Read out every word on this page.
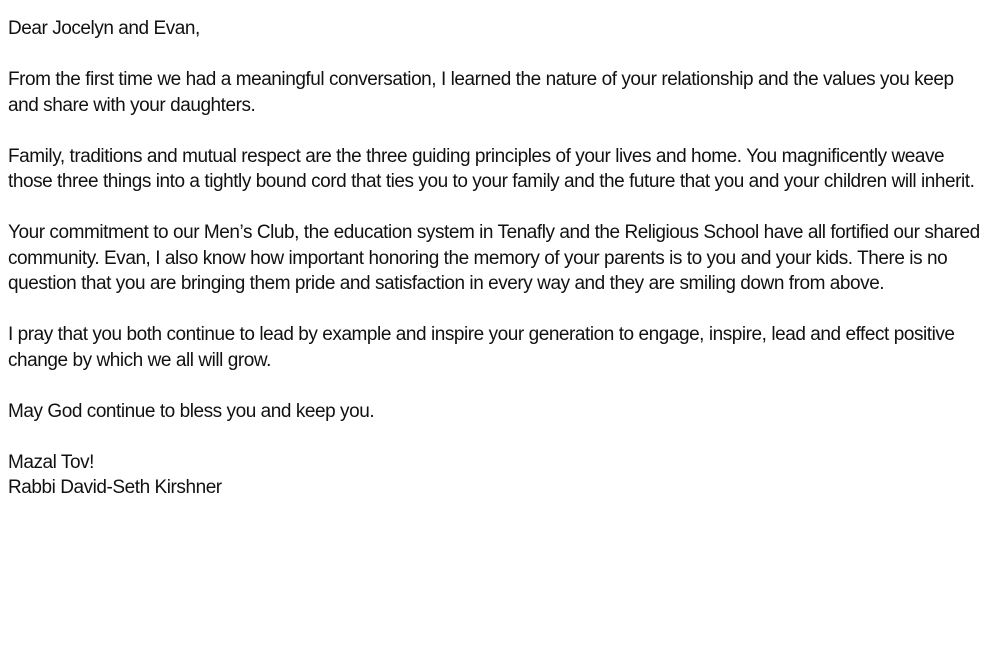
Dear Jocelyn and Evan,

From the first time we had a meaningful conversation, I learned the nature of your relationship and the values you keep and share with your daughters.

Family, traditions and mutual respect are the three guiding principles of your lives and home. You magnificently weave those three things into a tightly bound cord that ties you to your family and the future that you and your children will inherit.

Your commitment to our Men’s Club, the education system in Tenafly and the Religious School have all fortified our shared community. Evan, I also know how important honoring the memory of your parents is to you and your kids. There is no question that you are bringing them pride and satisfaction in every way and they are smiling down from above.

I pray that you both continue to lead by example and inspire your generation to engage, inspire, lead and effect positive change by which we all will grow.

May God continue to bless you and keep you.

Mazal Tov!

Rabbi David-Seth Kirshner
